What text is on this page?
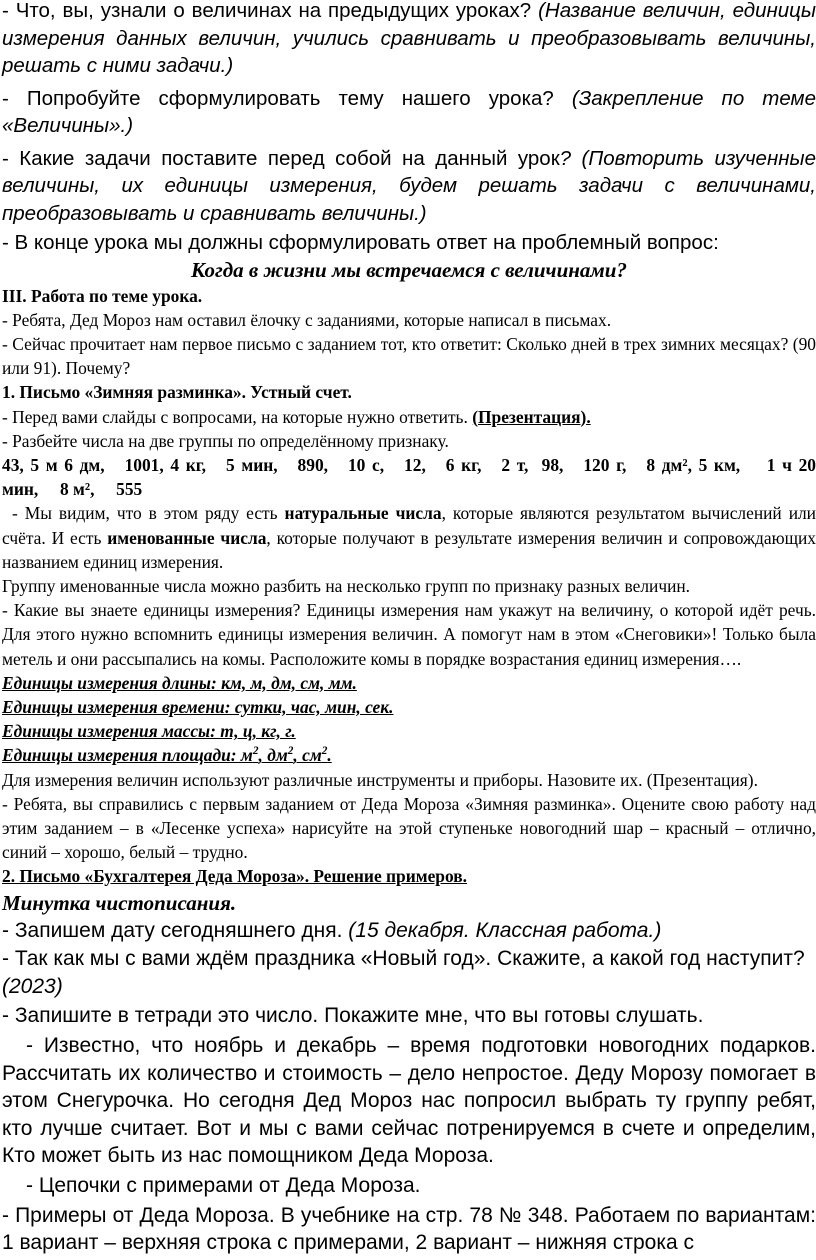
- Что, вы, узнали о величинах на предыдущих уроках? (Название величин, единицы измерения данных величин, учились сравнивать и преобразовывать величины, решать с ними задачи.)

- Попробуйте сформулировать тему нашего урока? (Закрепление по теме «Величины».)

- Какие задачи поставите перед собой на данный урок? (Повторить изученные величины, их единицы измерения, будем решать задачи с величинами, преобразовывать и сравнивать величины.)

- В конце урока мы должны сформулировать ответ на проблемный вопрос:

Когда в жизни мы встречаемся с величинами?

III. Работа по теме урока.

- Ребята, Дед Мороз нам оставил ёлочку с заданиями, которые написал в письмах.

- Сейчас прочитает нам первое письмо с заданием тот, кто ответит: Сколько дней в трех зимних месяцах? (90 или 91). Почему?

1. Письмо «Зимняя разминка». Устный счет.

- Перед вами слайды с вопросами, на которые нужно ответить. (Презентация).

- Разбейте числа на две группы по определённому признаку.

43, 5 м 6 дм,   1001, 4 кг,   5 мин,   890,   10 с,   12,   6 кг,   2 т,  98,   120 г,   8 дм², 5 км,    1 ч 20

мин,     8 м²,     555

- Мы видим, что в этом ряду есть натуральные числа, которые являются результатом вычислений или счёта. И есть именованные числа, которые получают в результате измерения величин и сопровождающих названием единиц измерения.

Группу именованные числа можно разбить на несколько групп по признаку разных величин.

- Какие вы знаете единицы измерения? Единицы измерения нам укажут на величину, о которой идёт речь. Для этого нужно вспомнить единицы измерения величин. А помогут нам в этом «Снеговики»! Только была метель и они рассыпались на комы. Расположите комы в порядке возрастания единиц измерения….

Единицы измерения длины: км, м, дм, см, мм.

Единицы измерения времени: сутки, час, мин, сек.

Единицы измерения массы: т, ц, кг, г.

Единицы измерения площади: $м^2$, $дм^2$, $см^2$.

Для измерения величин используют различные инструменты и приборы. Назовите их. (Презентация).

- Ребята, вы справились с первым заданием от Деда Мороза «Зимняя разминка». Оцените свою работу над этим заданием – в «Лесенке успеха» нарисуйте на этой ступеньке новогодний шар – красный – отлично, синий – хорошо, белый – трудно.

2. Письмо «Бухгалтерея Деда Мороза». Решение примеров.

Минутка чистописания.

- Запишем дату сегодняшнего дня. (15 декабря. Классная работа.)

- Так как мы с вами ждём праздника «Новый год». Скажите, а какой год наступит? (2023)

- Запишите в тетради это число. Покажите мне, что вы готовы слушать.

- Известно, что ноябрь и декабрь – время подготовки новогодних подарков. Рассчитать их количество и стоимость – дело непростое. Деду Морозу помогает в этом Снегурочка. Но сегодня Дед Мороз нас попросил выбрать ту группу ребят, кто лучше считает. Вот и мы с вами сейчас потренируемся в счете и определим, Кто может быть из нас помощником Деда Мороза.

- Цепочки с примерами от Деда Мороза.

- Примеры от Деда Мороза. В учебнике на стр. 78 № 348. Работаем по вариантам: 1 вариант – верхняя строка с примерами, 2 вариант – нижняя строка с
